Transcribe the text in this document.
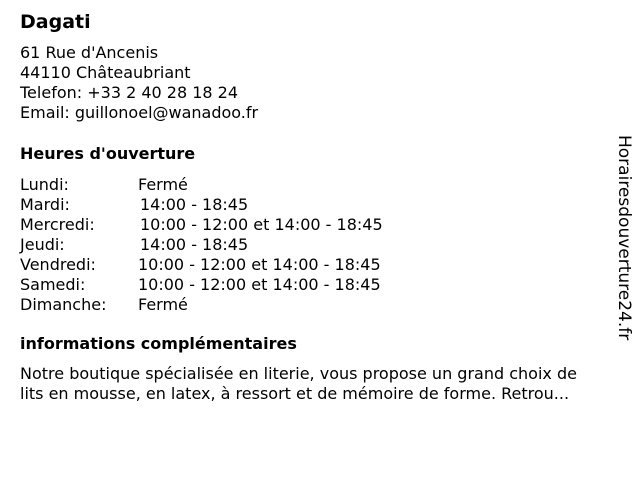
Dagati
61 Rue d'Ancenis
44110 Châteaubriant
Telefon: +33 2 40 28 18 24
Email: guillonoel@wanadoo.fr
Heures d'ouverture
Lundi:	Fermé
Mardi:	14:00 - 18:45
Mercredi:	10:00 - 12:00 et 14:00 - 18:45
Jeudi:	14:00 - 18:45
Vendredi:	10:00 - 12:00 et 14:00 - 18:45
Samedi:	10:00 - 12:00 et 14:00 - 18:45
Dimanche: Fermé
informations complémentaires

Notre boutique spécialisée en literie, vous propose un grand choix de
lits en mousse, en latex, à ressort et de mémoire de forme. Retrou...

Horairesdouverture24.fr
